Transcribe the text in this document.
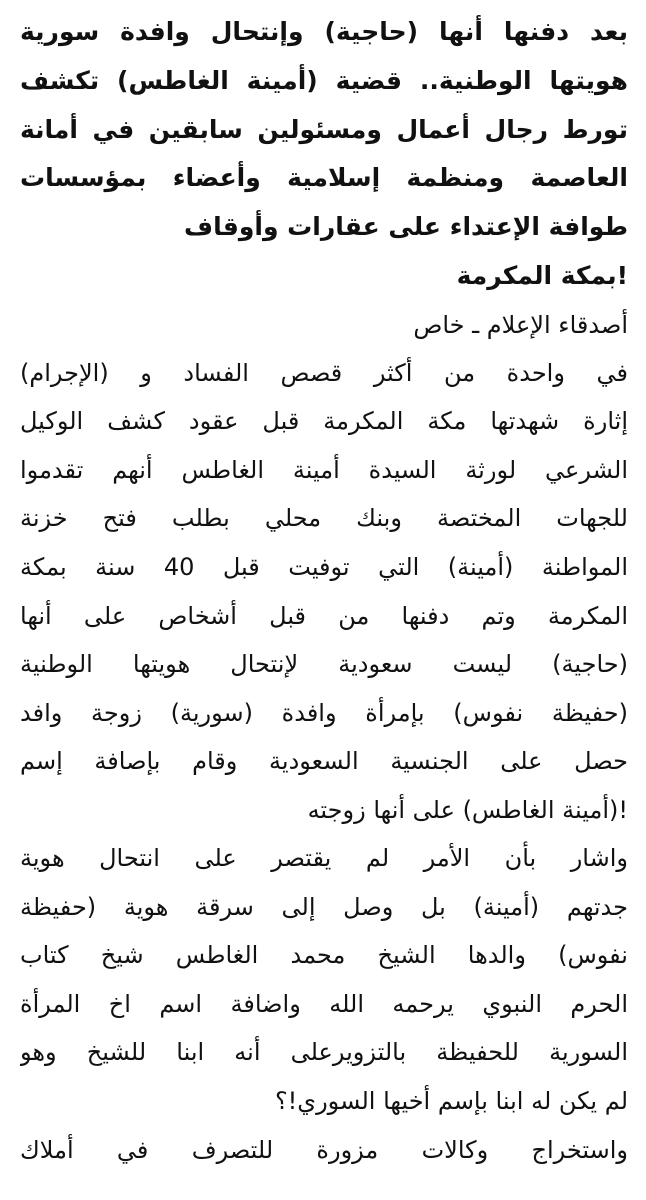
بعد دفنها أنها (حاجية) وإنتحال وافدة سورية
هويتها الوطنية.. قضية (أمينة الغاطس) تكشف
تورط رجال أعمال ومسئولين سابقين في أمانة
العاصمة ومنظمة إسلامية وأعضاء بمؤسسات
طوافة الإعتداء على عقارات وأوقاف
!بمكة المكرمة
أصدقاء الإعلام ـ خاص
في واحدة من أكثر قصص الفساد و (الإجرام)
إثارة شهدتها مكة المكرمة قبل عقود كشف الوكيل
الشرعي لورثة السيدة أمينة الغاطس أنهم تقدموا
للجهات المختصة وبنك محلي بطلب فتح خزنة
المواطنة (أمينة) التي توفيت قبل 40 سنة بمكة
المكرمة وتم دفنها من قبل أشخاص على أنها
(حاجية) ليست سعودية لإنتحال هويتها الوطنية
(حفيظة نفوس) بإمرأة وافدة (سورية) زوجة وافد
حصل على الجنسية السعودية وقام بإصافة إسم
!(أمينة الغاطس) على أنها زوجته
واشار بأن الأمر لم يقتصر على انتحال هوية
جدتهم (أمينة) بل وصل إلى سرقة هوية (حفيظة
نفوس) والدها الشيخ محمد الغاطس شيخ كتاب
الحرم النبوي يرحمه الله واضافة اسم اخ المرأة
السورية للحفيظة بالتزويرعلى أنه ابنا للشيخ وهو
لم يكن له ابنا بإسم أخيها السوري!؟
واستخراج وكالات مزورة للتصرف في أملاك
